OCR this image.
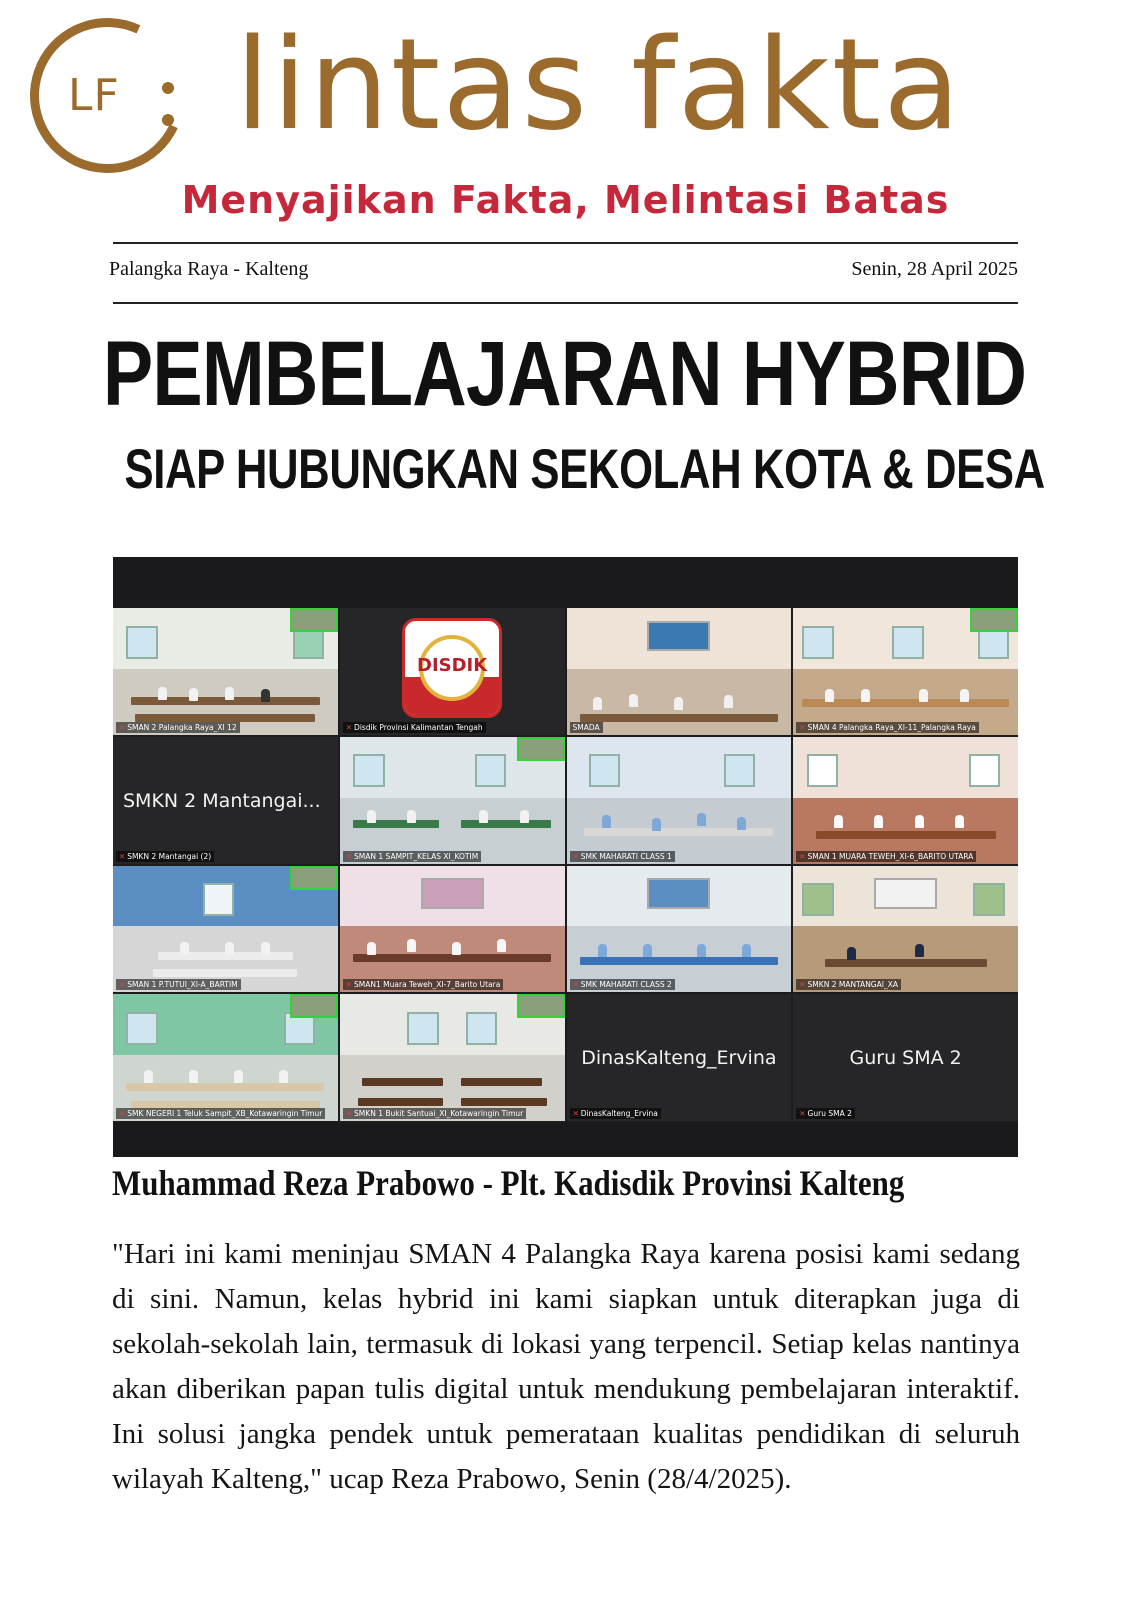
LF lintas fakta
Menyajikan Fakta, Melintasi Batas
Palangka Raya - Kalteng	Senin, 28 April 2025
PEMBELAJARAN HYBRID
SIAP HUBUNGKAN SEKOLAH KOTA & DESA
✕ SMAN 2 Palangka Raya_XI 12
DISDIK
✕ Disdik Provinsi Kalimantan Tengah	SMADA	✕ SMAN 4 Palangka Raya_XI-11_Palangka Raya
SMKN 2 Mantangai...
✕ SMKN 2 Mantangai (2)	✕ SMAN 1 SAMPIT_KELAS XI_KOTIM	✕ SMK MAHARATI CLASS 1	✕ SMAN 1 MUARA TEWEH_XI-6_BARITO UTARA
✕ SMAN 1 P.TUTUI_XI-A_BARTIM	✕ SMAN1 Muara Teweh_XI-7_Barito Utara	✕ SMK MAHARATI CLASS 2	✕ SMKN 2 MANTANGAI_XA
✕ SMK NEGERI 1 Teluk Sampit_XB_Kotawaringin Timur	✕ SMKN 1 Bukit Santuai_XI_Kotawaringin Timur
DinasKalteng_Ervina
✕ DinasKalteng_Ervina
Guru SMA 2
✕ Guru SMA 2
Muhammad Reza Prabowo - Plt. Kadisdik Provinsi Kalteng

"Hari ini kami meninjau SMAN 4 Palangka Raya karena posisi kami sedang di sini. Namun, kelas hybrid ini kami siapkan untuk diterapkan juga di sekolah-sekolah lain, termasuk di lokasi yang terpencil. Setiap kelas nantinya akan diberikan papan tulis digital untuk mendukung pembelajaran interaktif. Ini solusi jangka pendek untuk pemerataan kualitas pendidikan di seluruh wilayah Kalteng," ucap Reza Prabowo, Senin (28/4/2025).
